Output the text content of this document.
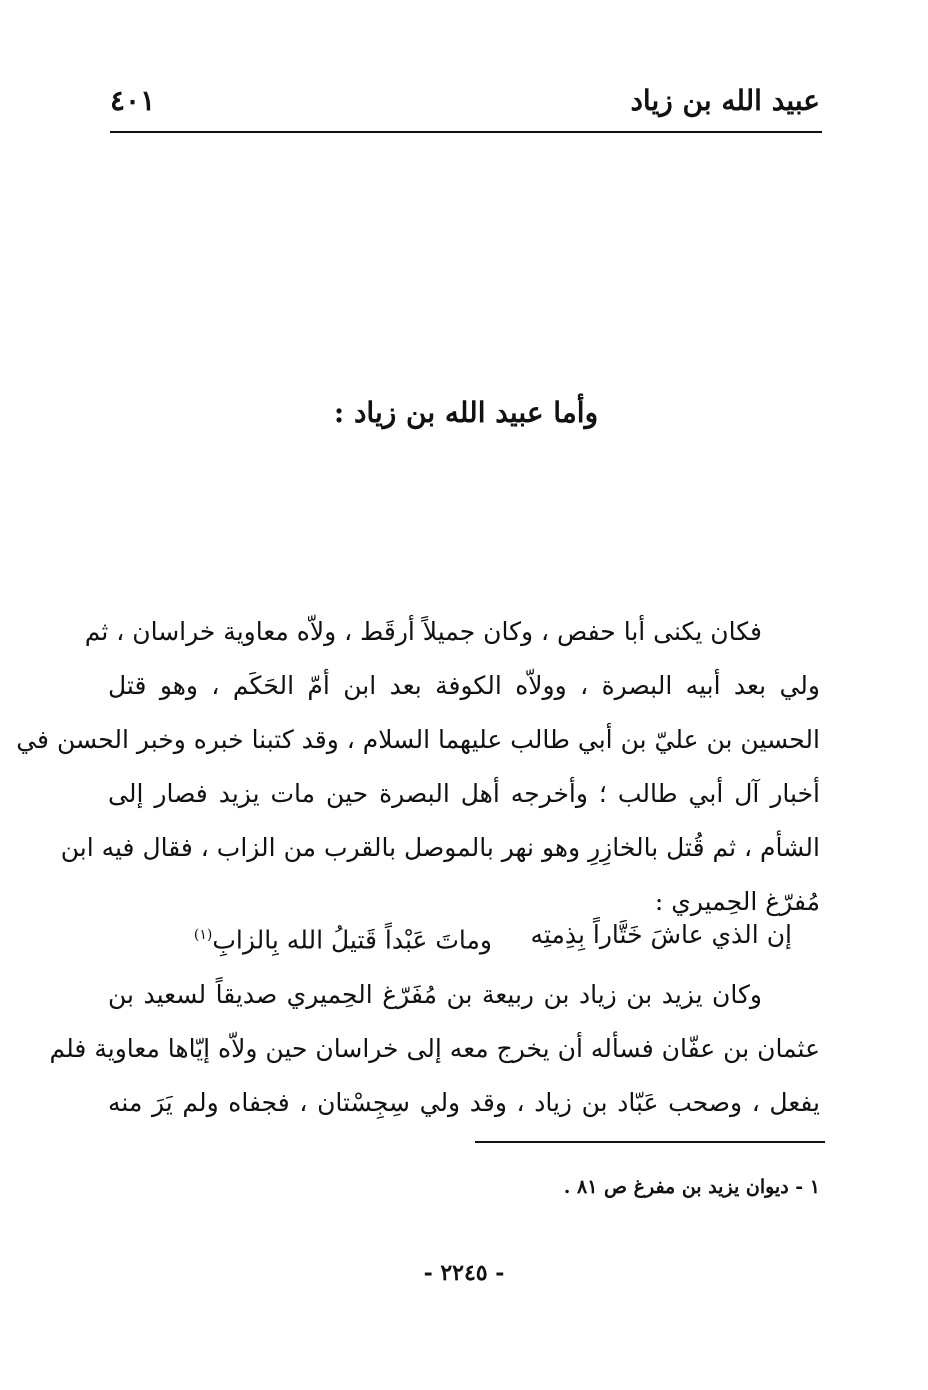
عبيد الله بن زياد
٤٠١
وأما عبيد الله بن زياد :
فكان يكنى أبا حفص ، وكان جميلاً أرقَط ، ولاّه معاوية خراسان ، ثم
ولي بعد أبيه البصرة ، وولاّه الكوفة بعد ابن أمّ الحَكَم ، وهو قتل
الحسين بن عليّ بن أبي طالب عليهما السلام ، وقد كتبنا خبره وخبر الحسن في
أخبار آل أبي طالب ؛ وأخرجه أهل البصرة حين مات يزيد فصار إلى
الشأم ، ثم قُتل بالخازِرِ وهو نهر بالموصل بالقرب من الزاب ، فقال فيه ابن
مُفرّغ الحِميري :
إن الذي عاشَ خَتَّاراً بِذِمتِه
وماتَ عَبْداً قَتيلُ الله بِالزابِ$^{(١)}$
وكان يزيد بن زياد بن ربيعة بن مُفَرّغ الحِميري صديقاً لسعيد بن
عثمان بن عفّان فسأله أن يخرج معه إلى خراسان حين ولاّه إيّاها معاوية فلم
يفعل ، وصحب عَبّاد بن زياد ، وقد ولي سِجِسْتان ، فجفاه ولم يَرَ منه
١ - ديوان يزيد بن مفرغ ص ٨١ .
- ٢٢٤٥ -
